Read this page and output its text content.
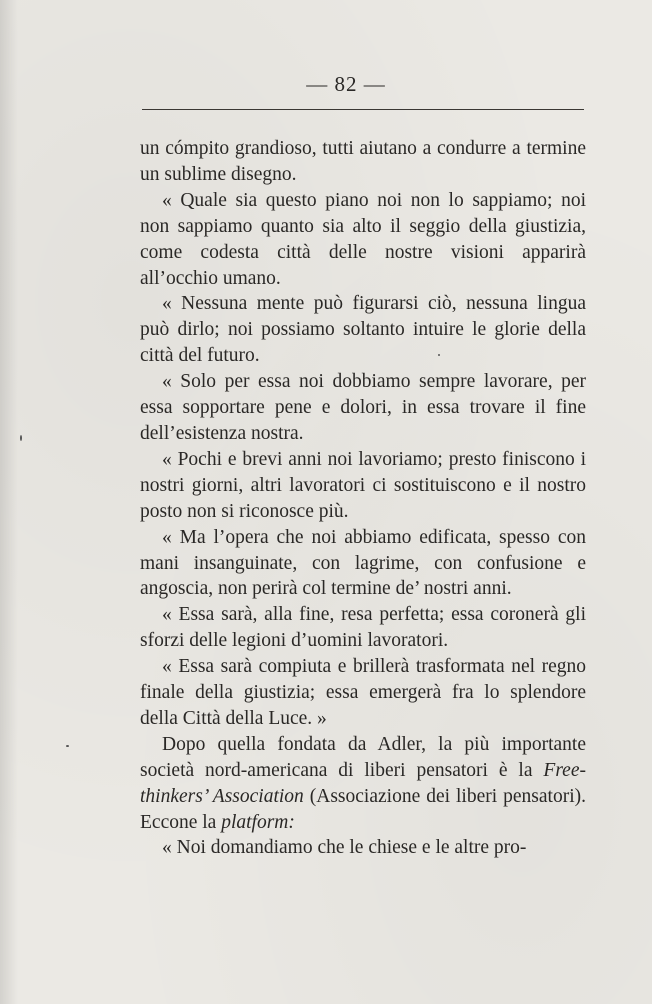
— 82 —

un cómpito grandioso, tutti aiutano a condurre a termine un sublime disegno.

« Quale sia questo piano noi non lo sappiamo; noi non sappiamo quanto sia alto il seggio della giustizia, come codesta città delle nostre visioni apparirà all’occhio umano.

« Nessuna mente può figurarsi ciò, nessuna lingua può dirlo; noi possiamo soltanto intuire le glorie della città del futuro.

« Solo per essa noi dobbiamo sempre lavorare, per essa sopportare pene e dolori, in essa trovare il fine dell’esistenza nostra.

« Pochi e brevi anni noi lavoriamo; presto finiscono i nostri giorni, altri lavoratori ci sostituiscono e il nostro posto non si riconosce più.

« Ma l’opera che noi abbiamo edificata, spesso con mani insanguinate, con lagrime, con confusione e angoscia, non perirà col termine de’ nostri anni.

« Essa sarà, alla fine, resa perfetta; essa coronerà gli sforzi delle legioni d’uomini lavoratori.

« Essa sarà compiuta e brillerà trasformata nel regno finale della giustizia; essa emergerà fra lo splendore della Città della Luce. »

Dopo quella fondata da Adler, la più importante società nord-americana di liberi pensatori è la Free-thinkers’ Association (Associazione dei liberi pensatori). Eccone la platform:

« Noi domandiamo che le chiese e le altre pro-
